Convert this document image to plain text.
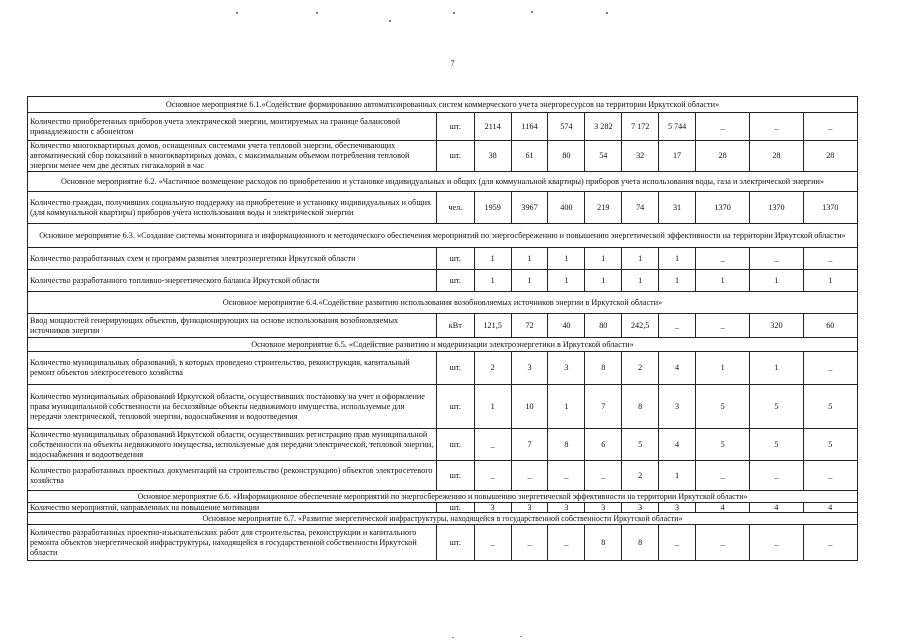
7
Основное мероприятие 6.1.«Содействие формированию автоматизированных систем коммерческого учета энергоресурсов на территории Иркутской области»										
Количество приобретенных приборов учета электрической энергии, монтируемых на границе балансовой принадлежности с абонентом	шт.	2114	1164	574	3 282	7 172	5 744	_	_	_
Количество многоквартирных домов, оснащенных системами учета тепловой энергии, обеспечивающих автоматический сбор показаний в многоквартирных домах, с максимальным объемом потребления тепловой энергии менее чем две десятых гигакалорий в час	шт.	38	61	80	54	32	17	28	28	28
Основное мероприятие 6.2. «Частичное возмещение расходов по приобретению и установке индивидуальных и общих (для коммунальной квартиры) приборов учета использования воды, газа и электрической энергии»										
Количество граждан, получивших социальную поддержку на приобретение и установку индивидуальных и общих (для коммунальной квартиры) приборов учета использования воды и электрической энергии	чел.	1959	3967	400	219	74	31	1370	1370	1370
Основное мероприятие 6.3. «Создание системы мониторинга и информационного и методического обеспечения мероприятий по энергосбережению и повышению энергетической эффективности на территории Иркутской области»										
Количество разработанных схем и программ развития электроэнергетики Иркутской области	шт.	1	1	1	1	1	1	_	_	_
Количество разработанного топливно-энергетического баланса Иркутской области	шт.	1	1	1	1	1	1	1	1	1
Основное мероприятие 6.4.«Содействие развитию использования возобновляемых источников энергии в Иркутской области»										
Ввод мощностей генерирующих объектов, функционирующих на основе использования возобновляемых источников энергии	кВт	121,5	72	40	80	242,5	_	_	320	60
Основное мероприятие 6.5. «Содействие развитию и модернизации электроэнергетики в Иркутской области»										
Количество муниципальных образований, в которых проведено строительство, реконструкция, капитальный ремонт объектов электросетевого хозяйства	шт.	2	3	3	8	2	4	1	1	_
Количество муниципальных образований Иркутской области, осуществивших постановку на учет и оформление права муниципальной собственности на бесхозяйные объекты недвижимого имущества, используемые для передачи электрической, тепловой энергии, водоснабжения и водоотведения	шт.	1	10	1	7	8	3	5	5	5
Количество муниципальных образований Иркутской области, осуществивших регистрацию прав муниципальной собственности на объекты недвижимого имущества, используемые для передачи электрической, тепловой энергии, водоснабжения и водоотведения	шт.	_	7	8	6	5	4	5	5	5
Количество разработанных проектных документаций на строительство (реконструкцию) объектов электросетевого хозяйства	шт.	_	_	_	_	2	1	_	_	_
Основное мероприятие 6.6. «Информационное обеспечение мероприятий по энергосбережению и повышению энергетической эффективности на территории Иркутской области»										
Количество мероприятий, направленных на повышение мотивации	шт.	3	3	3	3	3	3	4	4	4
Основное мероприятие 6.7. «Развитие энергетической инфраструктуры, находящейся в государственной собственности Иркутской области»										
Количество разработанных проектно-изыскательских работ для строительства, реконструкции и капитального ремонта объектов энергетической инфраструктуры, находящейся в государственной собственности Иркутской области	шт.	_	_	_	8	8	_	_	_	_
